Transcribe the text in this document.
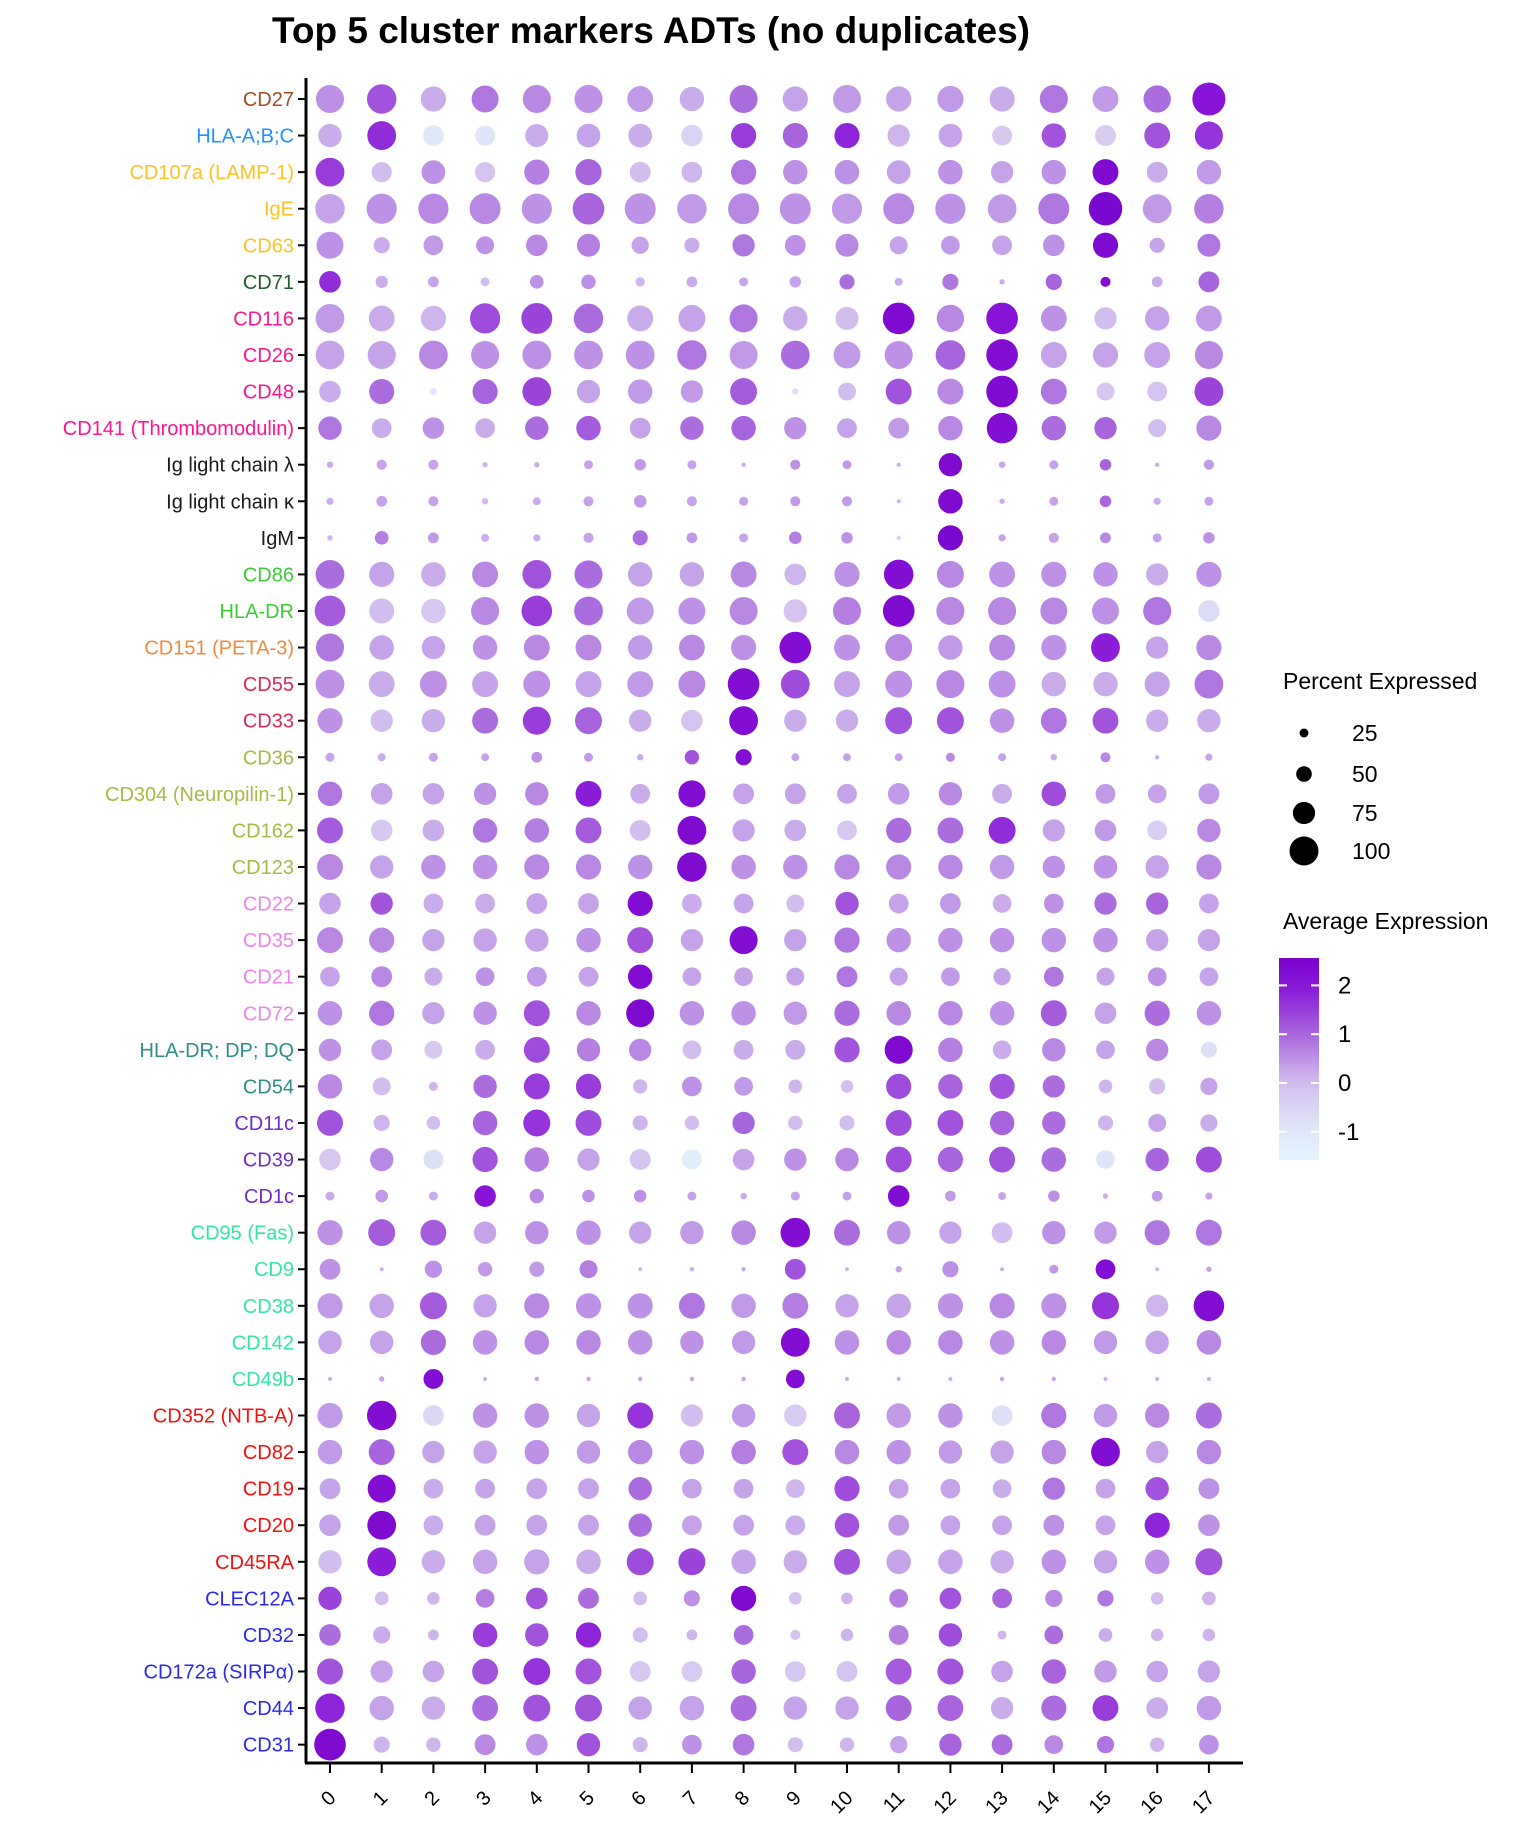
Top 5 cluster markers ADTs (no duplicates)
Percent Expressed
Average Expression
CD27
HLA-A;B;C
CD107a (LAMP-1)
IgE
CD63
CD71
CD116
CD26
CD48
CD141 (Thrombomodulin)
Ig light chain λ
Ig light chain κ
IgM
CD86
HLA-DR
CD151 (PETA-3)
CD55
CD33
CD36
CD304 (Neuropilin-1)
CD162
CD123
CD22
CD35
CD21
CD72
HLA-DR; DP; DQ
CD54
CD11c
CD39
CD1c
CD95 (Fas)
CD9
CD38
CD142
CD49b
CD352 (NTB-A)
CD82
CD19
CD20
CD45RA
CLEC12A
CD32
CD172a (SIRPα)
CD44
CD31
0 1 2 3 4 5 6 7 8 9 10 11 12 13 14 15 16 17
25
50
75
100
2
1
0
-1
